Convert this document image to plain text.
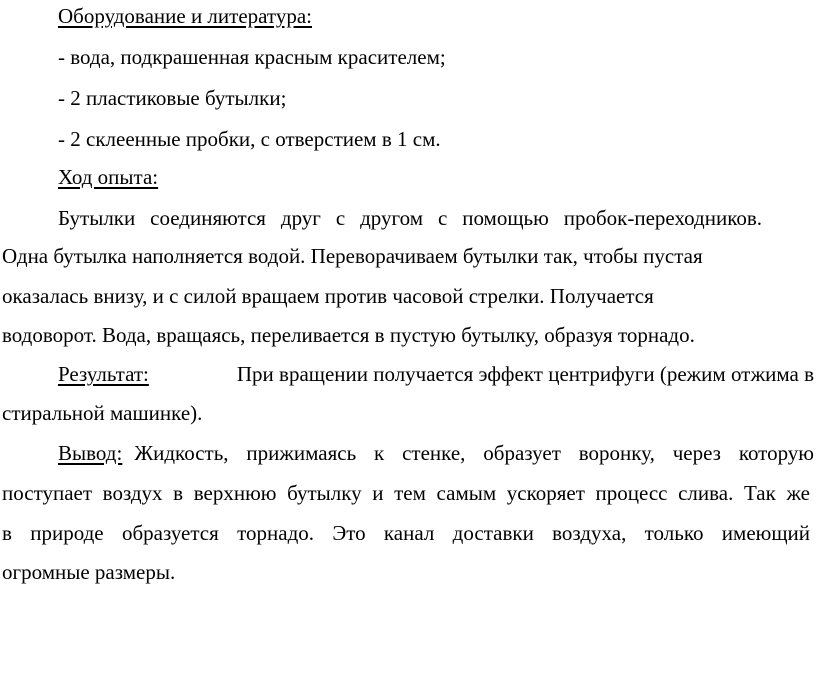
Оборудование и литература:
- вода, подкрашенная красным красителем;
- 2 пластиковые бутылки;
- 2 склеенные пробки, с отверстием в 1 см.
Ход опыта:
Бутылки соединяются друг с другом с помощью пробок-переходников.
Одна бутылка наполняется водой. Переворачиваем бутылки так, чтобы пустая
оказалась внизу, и с силой вращаем против часовой стрелки. Получается
водоворот. Вода, вращаясь, переливается в пустую бутылку, образуя торнадо.
Результат:	При вращении получается эффект центрифуги (режим отжима в
стиральной машинке).
Вывод: Жидкость, прижимаясь к стенке, образует воронку, через которую
поступает воздух в верхнюю бутылку и тем самым ускоряет процесс слива. Так же
в природе образуется торнадо. Это канал доставки воздуха, только имеющий
огромные размеры.
